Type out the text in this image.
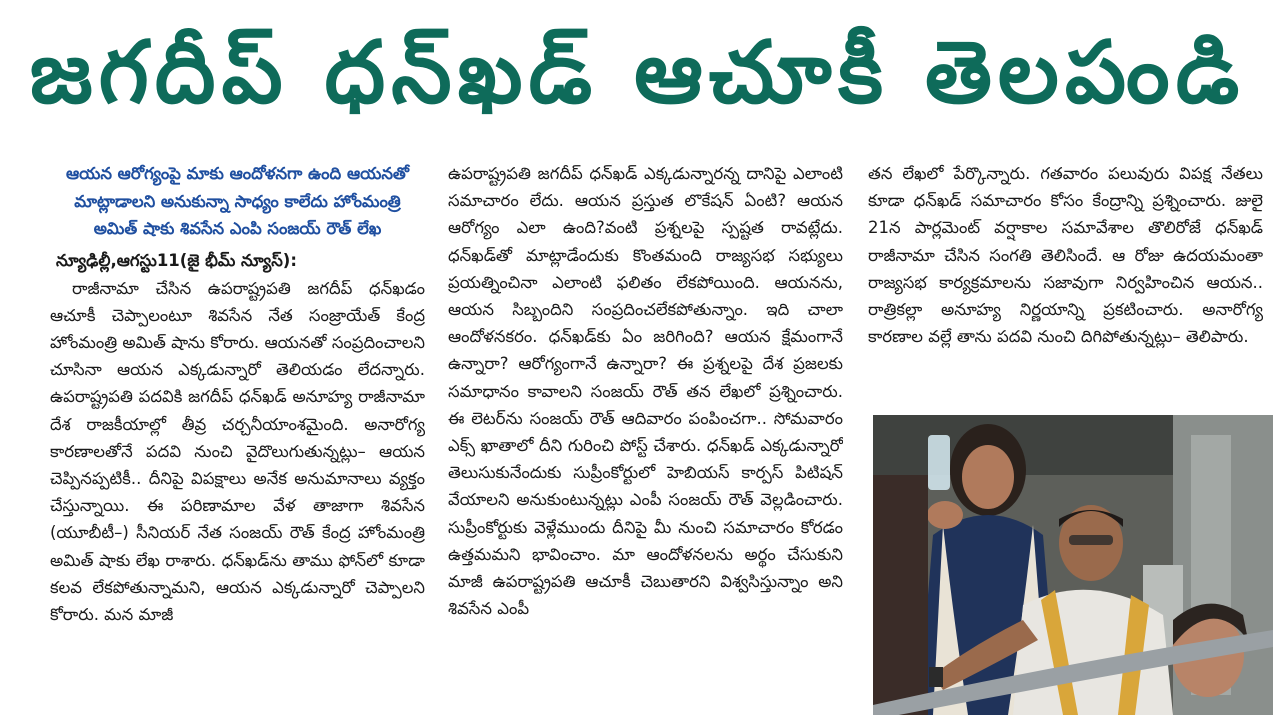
జగదీప్ ధన్‌ఖడ్ ఆచూకీ తెలపండి

ఆయన ఆరోగ్యంపై మాకు ఆందోళనగా ఉంది ఆయనతో మాట్లాడాలని అనుకున్నా సాధ్యం కాలేదు హోంమంత్రి అమిత్ షాకు శివసేన ఎంపి సంజయ్ రౌత్ లేఖ

న్యూఢిల్లీ,ఆగస్టు11(జై భీమ్ న్యూస్):

రాజీనామా చేసిన ఉపరాష్ట్రపతి జగదీప్ ధన్‌ఖడం ఆచూకీ చెప్పాలంటూ శివసేన నేత సంజ్రాయేత్ కేంద్ర హోంమంత్రి అమిత్ షాను కోరారు. ఆయనతో సంప్రదించాలని చూసినా ఆయన ఎక్కడున్నారో తెలియడం లేదన్నారు. ఉపరాష్ట్రపతి పదవికి జగదీప్ ధన్‌ఖడ్ అనూహ్య రాజీనామా దేశ రాజకీయాల్లో తీవ్ర చర్చనీయాంశమైంది. అనారోగ్య కారణాలతోనే పదవి నుంచి వైదొలుగుతున్నట్లు– ఆయన చెప్పినప్పటికీ.. దీనిపై విపక్షాలు అనేక అనుమానాలు వ్యక్తం చేస్తున్నాయి. ఈ పరిణామాల వేళ తాజాగా శివసేన (యూబీటీ–) సీనియర్ నేత సంజయ్ రౌత్ కేంద్ర హోంమంత్రి అమిత్ షాకు లేఖ రాశారు. ధన్‌ఖడ్‌ను తాము ఫోన్‌లో కూడా కలవ లేకపోతున్నామని, ఆయన ఎక్కడున్నారో చెప్పాలని కోరారు. మన మాజీ

ఉపరాష్ట్రపతి జగదీప్ ధన్‌ఖడ్ ఎక్కడున్నారన్న దానిపై ఎలాంటి సమాచారం లేదు. ఆయన ప్రస్తుత లొకేషన్ ఏంటి? ఆయన ఆరోగ్యం ఎలా ఉంది?వంటి ప్రశ్నలపై స్పష్టత రావట్లేదు. ధన్‌ఖడ్‌తో మాట్లాడేందుకు కొంతమంది రాజ్యసభ సభ్యులు ప్రయత్నించినా ఎలాంటి ఫలితం లేకపోయింది. ఆయనను, ఆయన సిబ్బందిని సంప్రదించలేకపోతున్నాం. ఇది చాలా ఆందోళనకరం. ధన్‌ఖడ్‌కు ఏం జరిగింది? ఆయన క్షేమంగానే ఉన్నారా? ఆరోగ్యంగానే ఉన్నారా? ఈ ప్రశ్నలపై దేశ ప్రజలకు సమాధానం కావాలని సంజయ్ రౌత్ తన లేఖలో ప్రశ్నించారు. ఈ లెటర్‌ను సంజయ్ రౌత్ ఆదివారం పంపించగా.. సోమవారం ఎక్స్ ఖాతాలో దీని గురించి పోస్ట్ చేశారు. ధన్‌ఖడ్ ఎక్కడున్నారో తెలుసుకునేందుకు సుప్రీంకోర్టులో హెబియస్ కార్పస్ పిటిషన్ వేయాలని అనుకుంటున్నట్లు ఎంపీ సంజయ్ రౌత్ వెల్లడించారు. సుప్రీంకోర్టుకు వెళ్లేముందు దీనిపై మీ నుంచి సమాచారం కోరడం ఉత్తమమని భావించాం. మా ఆందోళనలను అర్థం చేసుకుని మాజీ ఉపరాష్ట్రపతి ఆచూకీ చెబుతారని విశ్వసిస్తున్నాం అని శివసేన ఎంపీ

తన లేఖలో పేర్కొన్నారు. గతవారం పలువురు విపక్ష నేతలు కూడా ధన్‌ఖడ్ సమాచారం కోసం కేంద్రాన్ని ప్రశ్నించారు. జులై 21న పార్లమెంట్ వర్షాకాల సమావేశాల తొలిరోజే ధన్‌ఖడ్ రాజీనామా చేసిన సంగతి తెలిసిందే. ఆ రోజు ఉదయమంతా రాజ్యసభ కార్యక్రమాలను సజావుగా నిర్వహించిన ఆయన.. రాత్రికల్లా అనూహ్య నిర్ణయాన్ని ప్రకటించారు. అనారోగ్య కారణాల వల్లే తాను పదవి నుంచి దిగిపోతున్నట్లు– తెలిపారు.
